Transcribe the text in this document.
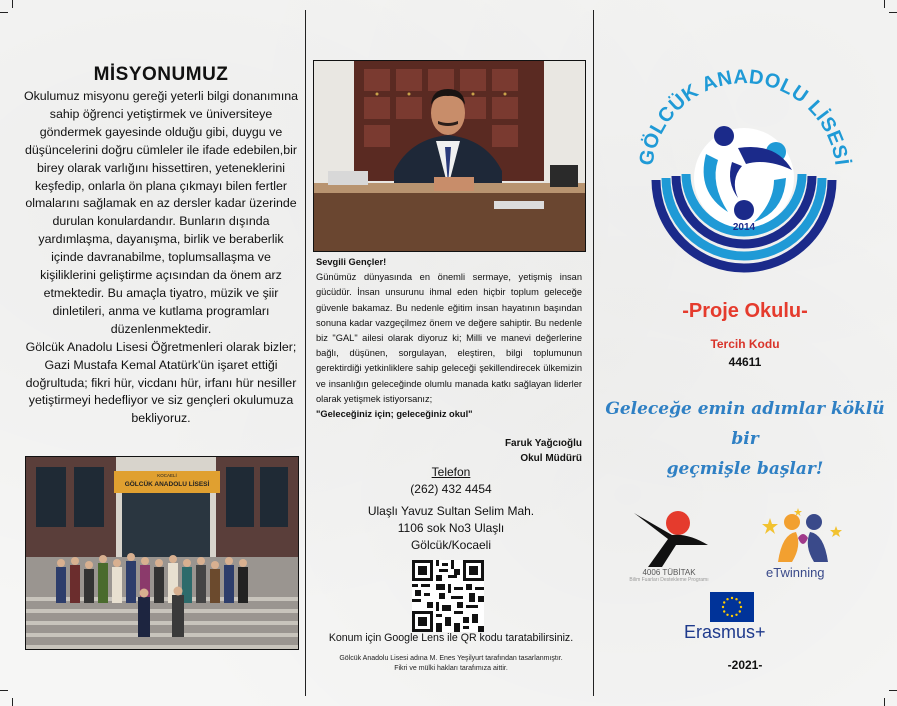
MİSYONUMUZ

Okulumuz misyonu gereği yeterli bilgi donanımına sahip öğrenci yetiştirmek ve üniversiteye göndermek gayesinde olduğu gibi, duygu ve düşüncelerini doğru cümleler ile ifade edebilen,bir birey olarak varlığını hissettiren, yeteneklerini keşfedip, onlarla ön plana çıkmayı bilen fertler olmalarını sağlamak en az dersler kadar üzerinde durulan konulardandır. Bunların dışında yardımlaşma, dayanışma, birlik ve beraberlik içinde davranabilme, toplumsallaşma ve kişiliklerini geliştirme açısından da önem arz etmektedir. Bu amaçla tiyatro, müzik ve şiir dinletileri, anma ve kutlama programları düzenlenmektedir.

Gölcük Anadolu Lisesi Öğretmenleri olarak bizler; Gazi Mustafa Kemal Atatürk'ün işaret ettiği doğrultuda; fikri hür, vicdanı hür, irfanı hür nesiller yetiştirmeyi hedefliyor ve siz gençleri okulumuza bekliyoruz.

KOCAELİ
GÖLCÜK ANADOLU LİSESİ
Sevgili Gençler!
Günümüz dünyasında en önemli sermaye, yetişmiş insan gücüdür. İnsan unsurunu ihmal eden hiçbir toplum geleceğe güvenle bakamaz. Bu nedenle eğitim insan hayatının başından sonuna kadar vazgeçilmez önem ve değere sahiptir. Bu nedenle biz "GAL" ailesi olarak diyoruz ki; Milli ve manevi değerlerine bağlı, düşünen, sorgulayan, eleştiren, bilgi toplumunun gerektirdiği yetkinliklere sahip geleceği şekillendirecek ülkemizin ve insanlığın geleceğinde olumlu manada katkı sağlayan liderler olarak yetişmek istiyorsanız;
"Geleceğiniz için; geleceğiniz okul"
Faruk Yağcıoğlu
Okul Müdürü
Telefon
(262) 432 4454
Ulaşlı Yavuz Sultan Selim Mah.
1106 sok No3 Ulaşlı
Gölcük/Kocaeli
Konum için Google Lens ile QR kodu taratabilirsiniz.
Gölcük Anadolu Lisesi adına M. Enes Yeşilyurt tarafından tasarlanmıştır.
Fikri ve mülki hakları tarafımıza aittir.
GÖLCÜK ANADOLU LİSESİ
2014
-Proje Okulu-
Tercih Kodu
44611
Geleceğe emin adımlar köklü bir
geçmişle başlar!
4006 TÜBİTAK
Bilim Fuarları Destekleme Programı	eTwinning
Erasmus+
-2021-
